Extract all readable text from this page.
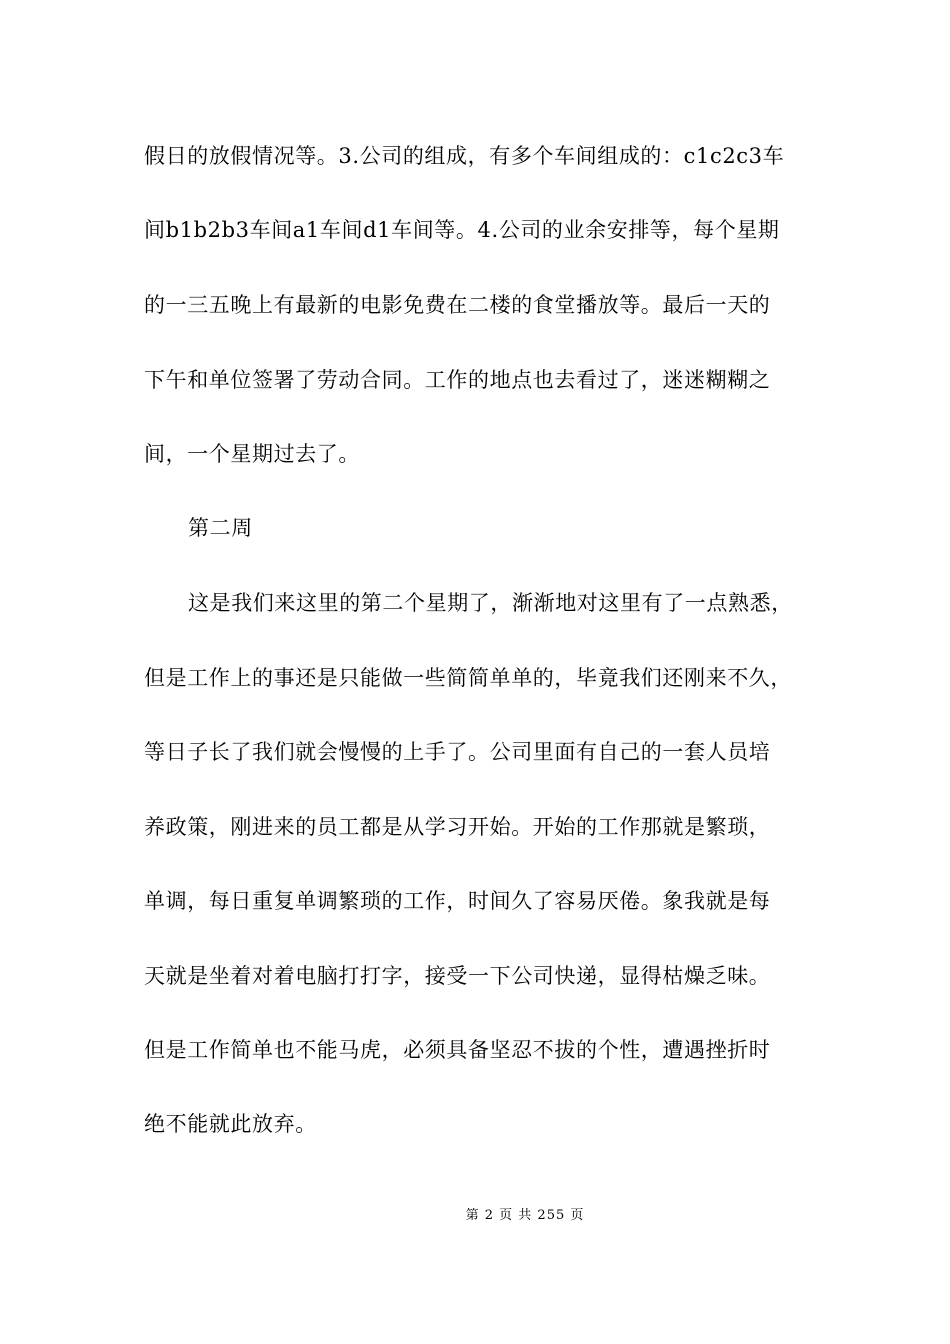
假日的放假情况等。3.公司的组成，有多个车间组成的：c1c2c3车
间b1b2b3车间a1车间d1车间等。4.公司的业余安排等，每个星期
的一三五晚上有最新的电影免费在二楼的食堂播放等。最后一天的
下午和单位签署了劳动合同。工作的地点也去看过了，迷迷糊糊之
间，一个星期过去了。
第二周
这是我们来这里的第二个星期了，渐渐地对这里有了一点熟悉，
但是工作上的事还是只能做一些简简单单的，毕竟我们还刚来不久，
等日子长了我们就会慢慢的上手了。公司里面有自己的一套人员培
养政策，刚进来的员工都是从学习开始。开始的工作那就是繁琐，
单调，每日重复单调繁琐的工作，时间久了容易厌倦。象我就是每
天就是坐着对着电脑打打字，接受一下公司快递，显得枯燥乏味。
但是工作简单也不能马虎，必须具备坚忍不拔的个性，遭遇挫折时
绝不能就此放弃。
第 2 页 共 255 页
